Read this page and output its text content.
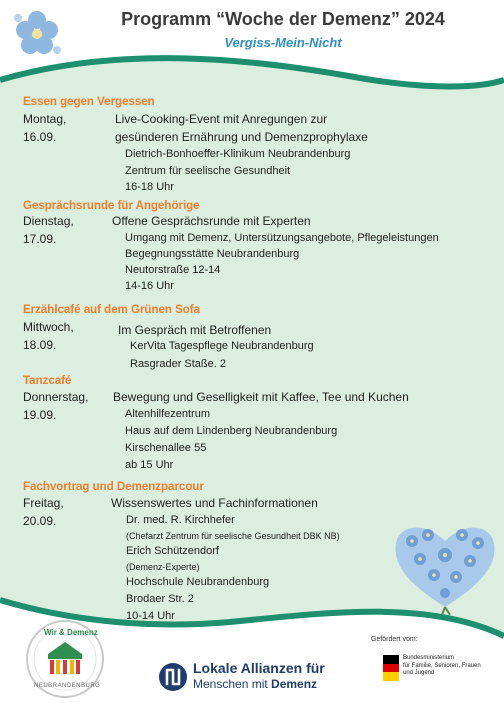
Programm “Woche der Demenz” 2024
Vergiss-Mein-Nicht
Essen gegen Vergessen
Montag,
16.09.
Live-Cooking-Event mit Anregungen zur
gesünderen Ernährung und Demenzprophylaxe
Dietrich-Bonhoeffer-Klinikum Neubrandenburg
Zentrum für seelische Gesundheit
16-18 Uhr
Gesprächsrunde für Angehörige
Dienstag,
17.09.
Offene Gesprächsrunde mit Experten
Umgang mit Demenz, Untersützungsangebote, Pflegeleistungen
Begegnungsstätte Neubrandenburg
Neutorstraße 12-14
14-16 Uhr
Erzählcafé auf dem Grünen Sofa
Mittwoch,
18.09.
Im Gespräch mit Betroffenen
KerVita Tagespflege Neubrandenburg
Rasgrader Staße. 2
Tanzcafé
Donnerstag,
19.09.
Bewegung und Geselligkeit mit Kaffee, Tee und Kuchen
Altenhilfezentrum
Haus auf dem Lindenberg Neubrandenburg
Kirschenallee 55
ab 15 Uhr
Fachvortrag und Demenzparcour
Freitag,
20.09.
Wissenswertes und Fachinformationen
Dr. med. R. Kirchhefer
(Chefarzt Zentrum für seelische Gesundheit DBK NB)
Erich Schützendorf
(Demenz-Experte)
Hochschule Neubrandenburg
Brodaer Str. 2
10-14 Uhr
Wir & Demenz
NEUBRANDENBURG
Lokale Allianzen für
Menschen mit Demenz
Gefördert vom:
Bundesministerium
für Familie, Senioren, Frauen
und Jugend
